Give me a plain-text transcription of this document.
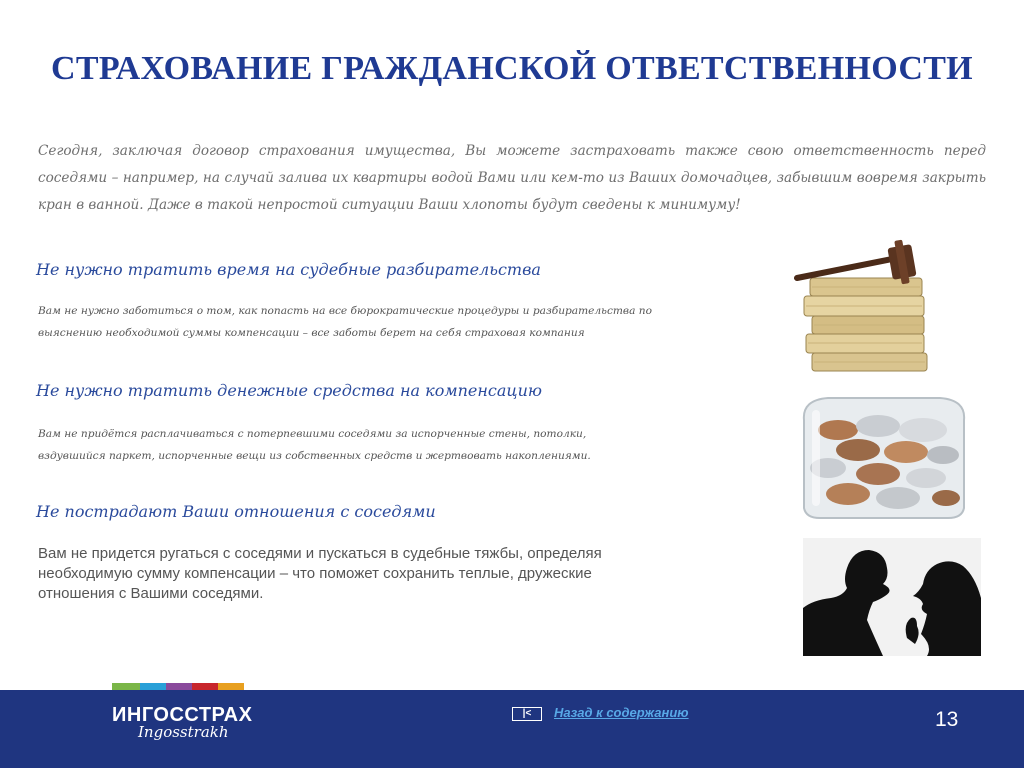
СТРАХОВАНИЕ ГРАЖДАНСКОЙ ОТВЕТСТВЕННОСТИ
Сегодня, заключая договор страхования имущества, Вы можете застраховать также свою ответственность перед соседями – например, на случай залива их квартиры водой Вами или кем-то из Ваших домочадцев, забывшим вовремя закрыть кран в ванной. Даже в такой непростой ситуации Ваши хлопоты будут сведены к минимуму!
Не нужно тратить время на судебные разбирательства
Вам не нужно заботиться о том, как попасть на все бюрократические процедуры и разбирательства по
выяснению необходимой суммы компенсации – все заботы берет на себя страховая компания
Не нужно тратить денежные средства на компенсацию
Вам не придётся расплачиваться с потерпевшими соседями за испорченные стены, потолки,
вздувшийся паркет, испорченные вещи из собственных средств и жертвовать накоплениями.
Не пострадают Ваши отношения с соседями
Вам не придется ругаться с соседями и пускаться в судебные тяжбы, определяя
необходимую сумму компенсации – что поможет сохранить теплые, дружеские
отношения с Вашими соседями.
ИНГОССТРАХ
Ingosstrakh
|<	Назад к содержанию	13
